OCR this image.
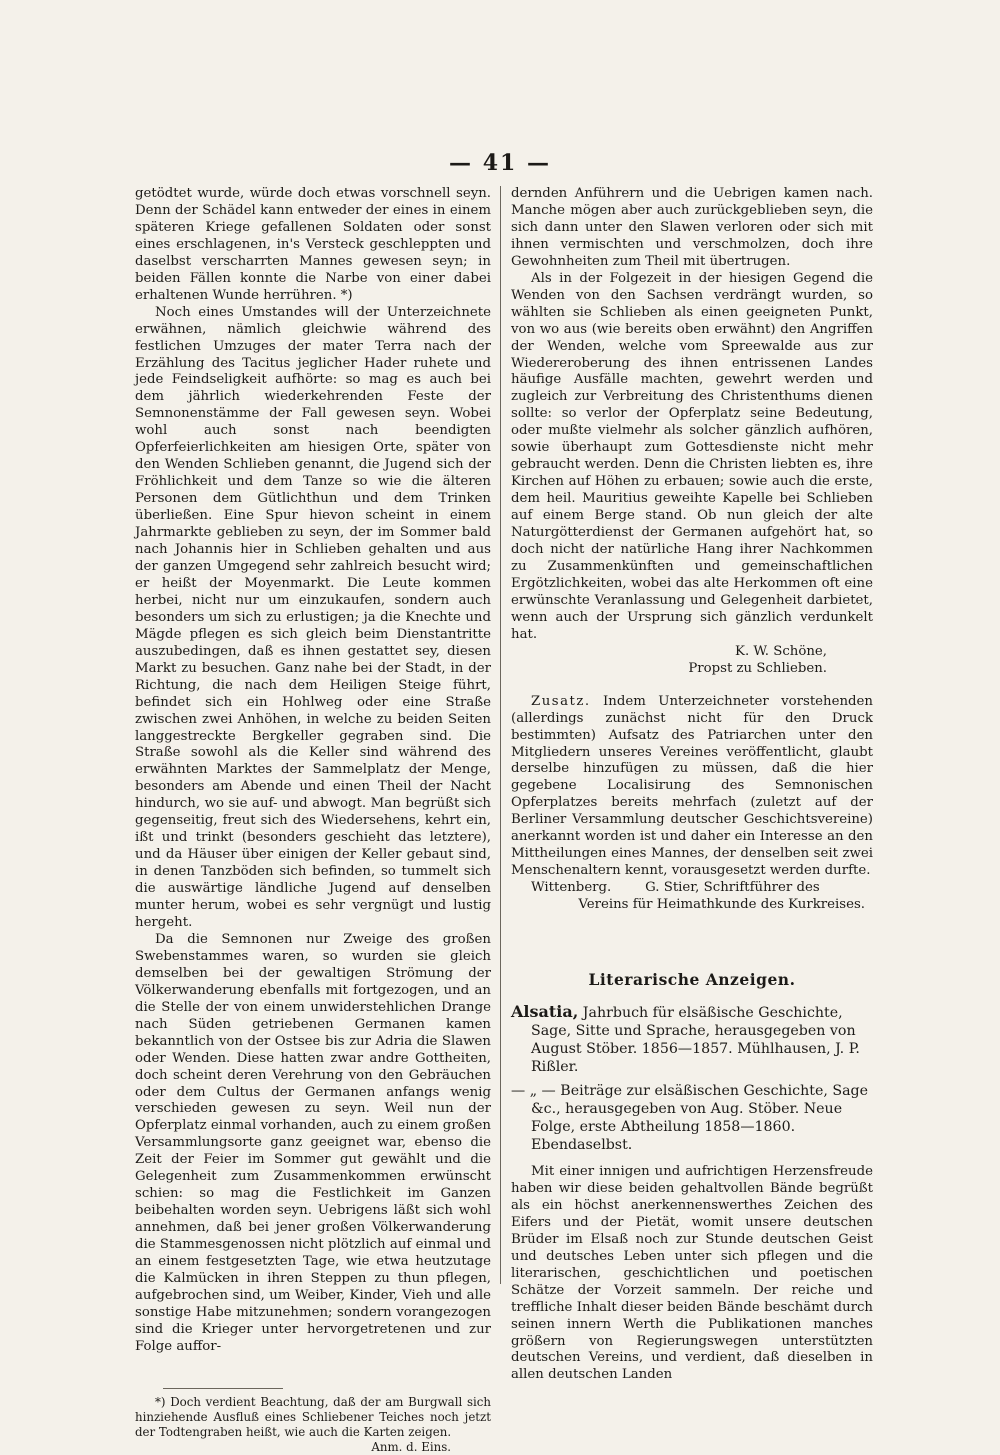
— 41 —

getödtet wurde, würde doch etwas vorschnell seyn. Denn der Schädel kann entweder der eines in einem späteren Kriege gefallenen Soldaten oder sonst eines erschlagenen, in's Versteck geschleppten und daselbst verscharrten Mannes gewesen seyn; in beiden Fällen konnte die Narbe von einer dabei erhaltenen Wunde herrühren. *)

Noch eines Umstandes will der Unterzeichnete erwähnen, nämlich gleichwie während des festlichen Umzuges der mater Terra nach der Erzählung des Tacitus jeglicher Hader ruhete und jede Feindseligkeit aufhörte: so mag es auch bei dem jährlich wiederkehrenden Feste der Semnonenstämme der Fall gewesen seyn. Wobei wohl auch sonst nach beendigten Opferfeierlichkeiten am hiesigen Orte, später von den Wenden Schlieben genannt, die Jugend sich der Fröhlichkeit und dem Tanze so wie die älteren Personen dem Gütlichthun und dem Trinken überließen. Eine Spur hievon scheint in einem Jahrmarkte geblieben zu seyn, der im Sommer bald nach Johannis hier in Schlieben gehalten und aus der ganzen Umgegend sehr zahlreich besucht wird; er heißt der Moyenmarkt. Die Leute kommen herbei, nicht nur um einzukaufen, sondern auch besonders um sich zu erlustigen; ja die Knechte und Mägde pflegen es sich gleich beim Dienstantritte auszubedingen, daß es ihnen gestattet sey, diesen Markt zu besuchen. Ganz nahe bei der Stadt, in der Richtung, die nach dem Heiligen Steige führt, befindet sich ein Hohlweg oder eine Straße zwischen zwei Anhöhen, in welche zu beiden Seiten langgestreckte Bergkeller gegraben sind. Die Straße sowohl als die Keller sind während des erwähnten Marktes der Sammelplatz der Menge, besonders am Abende und einen Theil der Nacht hindurch, wo sie auf- und abwogt. Man begrüßt sich gegenseitig, freut sich des Wiedersehens, kehrt ein, ißt und trinkt (besonders geschieht das letztere), und da Häuser über einigen der Keller gebaut sind, in denen Tanzböden sich befinden, so tummelt sich die auswärtige ländliche Jugend auf denselben munter herum, wobei es sehr vergnügt und lustig hergeht.

Da die Semnonen nur Zweige des großen Swebenstammes waren, so wurden sie gleich demselben bei der gewaltigen Strömung der Völkerwanderung ebenfalls mit fortgezogen, und an die Stelle der von einem unwiderstehlichen Drange nach Süden getriebenen Germanen kamen bekanntlich von der Ostsee bis zur Adria die Slawen oder Wenden. Diese hatten zwar andre Gottheiten, doch scheint deren Verehrung von den Gebräuchen oder dem Cultus der Germanen anfangs wenig verschieden gewesen zu seyn. Weil nun der Opferplatz einmal vorhanden, auch zu einem großen Versammlungsorte ganz geeignet war, ebenso die Zeit der Feier im Sommer gut gewählt und die Gelegenheit zum Zusammenkommen erwünscht schien: so mag die Festlichkeit im Ganzen beibehalten worden seyn. Uebrigens läßt sich wohl annehmen, daß bei jener großen Völkerwanderung die Stammesgenossen nicht plötzlich auf einmal und an einem festgesetzten Tage, wie etwa heutzutage die Kalmücken in ihren Steppen zu thun pflegen, aufgebrochen sind, um Weiber, Kinder, Vieh und alle sonstige Habe mitzunehmen; sondern vorangezogen sind die Krieger unter hervorgetretenen und zur Folge auffor-

*) Doch verdient Beachtung, daß der am Burgwall sich hinziehende Ausfluß eines Schliebener Teiches noch jetzt der Todtengraben heißt, wie auch die Karten zeigen.

Anm. d. Eins.

dernden Anführern und die Uebrigen kamen nach. Manche mögen aber auch zurückgeblieben seyn, die sich dann unter den Slawen verloren oder sich mit ihnen vermischten und verschmolzen, doch ihre Gewohnheiten zum Theil mit übertrugen.

Als in der Folgezeit in der hiesigen Gegend die Wenden von den Sachsen verdrängt wurden, so wählten sie Schlieben als einen geeigneten Punkt, von wo aus (wie bereits oben erwähnt) den Angriffen der Wenden, welche vom Spreewalde aus zur Wiedereroberung des ihnen entrissenen Landes häufige Ausfälle machten, gewehrt werden und zugleich zur Verbreitung des Christenthums dienen sollte: so verlor der Opferplatz seine Bedeutung, oder mußte vielmehr als solcher gänzlich aufhören, sowie überhaupt zum Gottesdienste nicht mehr gebraucht werden. Denn die Christen liebten es, ihre Kirchen auf Höhen zu erbauen; sowie auch die erste, dem heil. Mauritius geweihte Kapelle bei Schlieben auf einem Berge stand. Ob nun gleich der alte Naturgötterdienst der Germanen aufgehört hat, so doch nicht der natürliche Hang ihrer Nachkommen zu Zusammenkünften und gemeinschaftlichen Ergötzlichkeiten, wobei das alte Herkommen oft eine erwünschte Veranlassung und Gelegenheit darbietet, wenn auch der Ursprung sich gänzlich verdunkelt hat.

K. W. Schöne,

Propst zu Schlieben.

Zusatz. Indem Unterzeichneter vorstehenden (allerdings zunächst nicht für den Druck bestimmten) Aufsatz des Patriarchen unter den Mitgliedern unseres Vereines veröffentlicht, glaubt derselbe hinzufügen zu müssen, daß die hier gegebene Localisirung des Semnonischen Opferplatzes bereits mehrfach (zuletzt auf der Berliner Versammlung deutscher Geschichtsvereine) anerkannt worden ist und daher ein Interesse an den Mittheilungen eines Mannes, der denselben seit zwei Menschenaltern kennt, vorausgesetzt werden durfte.

Wittenberg.	G. Stier, Schriftführer des

Vereins für Heimathkunde des Kurkreises.

Literarische Anzeigen.

Alsatia, Jahrbuch für elsäßische Geschichte, Sage, Sitte und Sprache, herausgegeben von August Stöber. 1856—1857. Mühlhausen, J. P. Rißler.

— „ — Beiträge zur elsäßischen Geschichte, Sage &c., herausgegeben von Aug. Stöber. Neue Folge, erste Abtheilung 1858—1860. Ebendaselbst.

Mit einer innigen und aufrichtigen Herzensfreude haben wir diese beiden gehaltvollen Bände begrüßt als ein höchst anerkennenswerthes Zeichen des Eifers und der Pietät, womit unsere deutschen Brüder im Elsaß noch zur Stunde deutschen Geist und deutsches Leben unter sich pflegen und die literarischen, geschichtlichen und poetischen Schätze der Vorzeit sammeln. Der reiche und treffliche Inhalt dieser beiden Bände beschämt durch seinen innern Werth die Publikationen manches größern von Regierungswegen unterstützten deutschen Vereins, und verdient, daß dieselben in allen deutschen Landen
